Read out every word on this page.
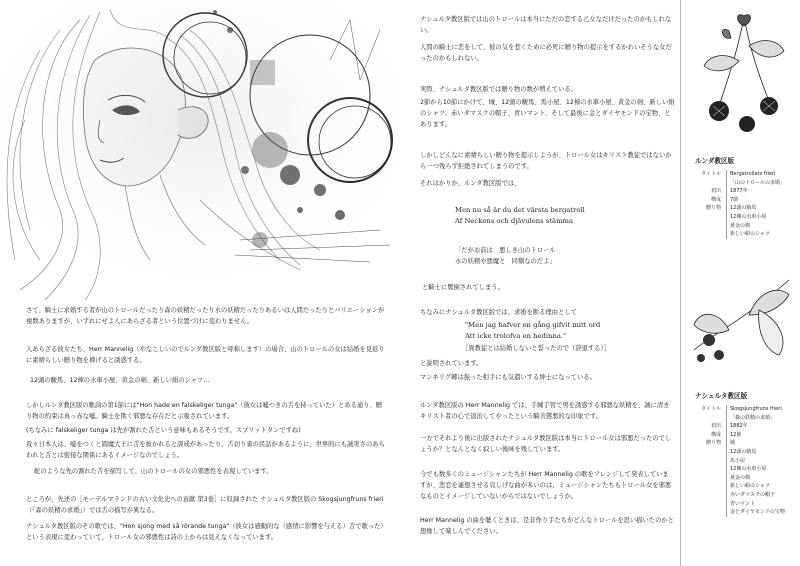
さて、騎士に求婚する者が山のトロールだったり森の妖精だったり水の妖精だったりあるいは人間だったりとバリエーションが複数ありますが、いずれにせよ人にあらざる者という位置づけに変わりません。

人あらざる彼女たち、Herr Mannelig（やなこしいのでルンダ教区版と呼称します）の場合、山のトロールの女は結婚を見返りに素晴らしい贈り物を挿げると誘惑する。

12頭の駿馬、12棟の水車小屋、黄金の剣、新しい絹のシャツ…

しかしルンダ教区版の歌詞の第1節には"Hon hade en falskeliger tunga"（彼女は嘘つきの舌を持っていた）とある通り、贈り物の約束は真っ赤な嘘。騎士を欺く邪悪な存在だと示唆されています。

(ちなみに falskeliger tunga は先が割れた舌という意味もあるそうです。スプリットタンですね)

我々日本人は、嘘をつくと閻魔大王に舌を抜かれると訓戒があったり、舌切り雀の民話があるように、世界的にも誠実さのあらわれと舌とは密接な関係にあるイメージなのでしょう。

蛇のような先の割れた舌を描写して、山のトロールの女の邪悪性を表現しています。

ところが、先述の［モーデルマランドの古い文化史への貢献 第3巻］に収録された ナシュルタ教区版の Skogsjungfruns frieri（『森の妖精の求婚』）では舌の描写が異なる。

ナシュルタ教区版のその歌では、"Hon sjong med så rörande tunga"（彼女は感動的な（感情に影響を与える）舌で歌った）という表現に変わっていて、トロール女の邪悪性は詩の上からは見えなくなっています。

ナシュルタ教区版では山のトロールは本当にただの恋する乙女なだけだったのかもしれない。

人間の騎士に恋をして、彼の気を惹くために必死に贈り物の提示をするかわいそうな女だったのかもしれない。

実際、ナシュルタ教区版では贈り物の数が増えている。

2節から10節にかけて、城、12頭の駿馬、馬小屋、12棟の水車小屋、黄金の剣、新しい絹のシャツ、赤いダマスクの帽子、青いマント、そして最後に金とダイヤモンドの宝物、とあります。

しかしどんなに素晴らしい贈り物を提示しようが、トロール女はキリスト教徒ではないから一つ残らず拒絶されてしまうのです。

それはかりか、ルンダ教区版では、

Men nu så är du det värsta bergatroll
Af Neckens och djävulens stämma
「だがお前は　悪しき山のトロール
水の妖精や悪魔と　同類なのだよ」

と騎士に罵倒されてしまう。

ちなみにナシュルタ教区版では、求婚を断る理由として

"Men jag hafver en gång gifvit mitt ord
Att icke trolofva en hedinna."

［異教徒とは結婚しないと誓ったので（辞退する）］

と説明されています。

マンネリグ卿は振った相手にも気遣いする紳士になっている。

ルンダ教区版の Herr Mannelig では、手練手管で男を誘惑する邪悪な妖精を、誠に清きキリスト者の心で退治してやったという騎善懲悪的な印象です。

一方でそれより後に出版されたナシュルタ教区版は本当にトロール女は邪悪だったのでしょうか？となんとなく寂しい後味を残しています。

今でも数多くのミュージシャンたちが Herr Mannelig の歌をアレンジして発表していますが、悲恋を連想させる哀しげな曲が多いのは、ミュージシャンたちもトロール女を邪悪なものとイメージしていないからではないでしょうか。

Herr Mannelig の曲を聴くときは、是非作り手たちがどんなトロールを思い描いたのかと想像して楽しんでください。

ルンダ教区版

タイトル	Bergatrollets frieri
「山のトロールの求婚」
初出	1877年
構成	7節
贈り物	12頭の駿馬
12棟の水車小屋
黄金の剣
新しい絹のシャツ

ナシュルタ教区版

タイトル	Skogsjungfruns frieri
「森の妖精の求婚」
初出	1882年
構成	12節
贈り物	城
12頭の駿馬
馬小屋
12棟の水車小屋
黄金の剣
新しい絹のシャツ
赤いダマスクの帽子
青いマント
金とダイヤモンドの宝物
